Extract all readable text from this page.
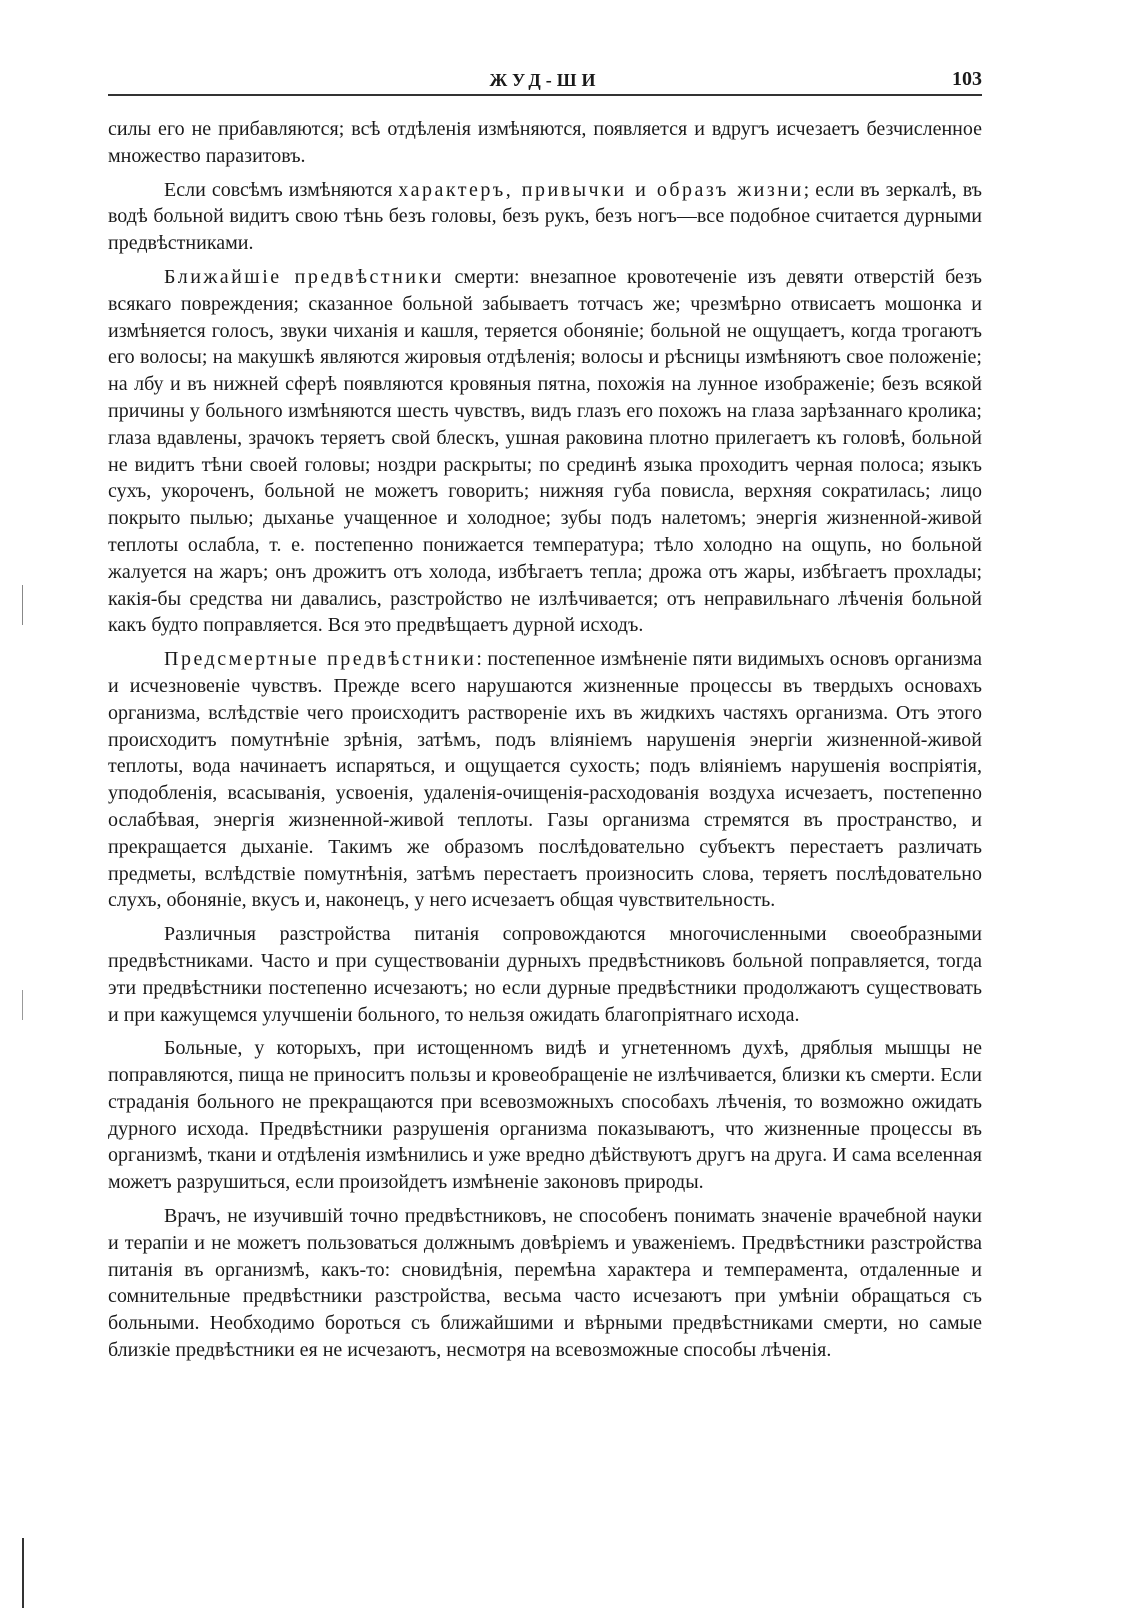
ЖУД-ШИ	103

силы его не прибавляются; всѣ отдѣленія измѣняются, появляется и вдругъ исчезаетъ безчисленное множество паразитовъ.

Если совсѣмъ измѣняются характеръ, привычки и образъ жизни; если въ зеркалѣ, въ водѣ больной видитъ свою тѣнь безъ головы, безъ рукъ, безъ ногъ—все подобное считается дурными предвѣстниками.

Ближайшіе предвѣстники смерти: внезапное кровотеченіе изъ девяти отверстій безъ всякаго повреждения; сказанное больной забываетъ тотчасъ же; чрезмѣрно отвисаетъ мошонка и измѣняется голосъ, звуки чиханія и кашля, теряется обоняніе; больной не ощущаетъ, когда трогаютъ его волосы; на макушкѣ являются жировыя отдѣленія; волосы и рѣсницы измѣняютъ свое положеніе; на лбу и въ нижней сферѣ появляются кровяныя пятна, похожія на лунное изображеніе; безъ всякой причины у больного измѣняются шесть чувствъ, видъ глазъ его похожъ на глаза зарѣзаннаго кролика; глаза вдавлены, зрачокъ теряетъ свой блескъ, ушная раковина плотно прилегаетъ къ головѣ, больной не видитъ тѣни своей головы; ноздри раскрыты; по срединѣ языка проходитъ черная полоса; языкъ сухъ, укороченъ, больной не можетъ говорить; нижняя губа повисла, верхняя сократилась; лицо покрыто пылью; дыханье учащенное и холодное; зубы подъ налетомъ; энергія жизненной-живой теплоты ослабла, т. е. постепенно понижается температура; тѣло холодно на ощупь, но больной жалуется на жаръ; онъ дрожитъ отъ холода, избѣгаетъ тепла; дрожа отъ жары, избѣгаетъ прохлады; какія-бы средства ни давались, разстройство не излѣчивается; отъ неправильнаго лѣченія больной какъ будто поправляется. Вся это предвѣщаетъ дурной исходъ.

Предсмертные предвѣстники: постепенное измѣненіе пяти видимыхъ основъ организма и исчезновеніе чувствъ. Прежде всего нарушаются жизненные процессы въ твердыхъ основахъ организма, вслѣдствіе чего происходитъ раствореніе ихъ въ жидкихъ частяхъ организма. Отъ этого происходитъ помутнѣніе зрѣнія, затѣмъ, подъ вліяніемъ нарушенія энергіи жизненной-живой теплоты, вода начинаетъ испаряться, и ощущается сухость; подъ вліяніемъ нарушенія воспріятія, уподобленія, всасыванія, усвоенія, удаленія-очищенія-расходованія воздуха исчезаетъ, постепенно ослабѣвая, энергія жизненной-живой теплоты. Газы организма стремятся въ пространство, и прекращается дыханіе. Такимъ же образомъ послѣдовательно субъектъ перестаетъ различать предметы, вслѣдствіе помутнѣнія, затѣмъ перестаетъ произносить слова, теряетъ послѣдовательно слухъ, обоняніе, вкусъ и, наконецъ, у него исчезаетъ общая чувствительность.

Различныя разстройства питанія сопровождаются многочисленными своеобразными предвѣстниками. Часто и при существованіи дурныхъ предвѣстниковъ больной поправляется, тогда эти предвѣстники постепенно исчезаютъ; но если дурные предвѣстники продолжаютъ существовать и при кажущемся улучшеніи больного, то нельзя ожидать благопріятнаго исхода.

Больные, у которыхъ, при истощенномъ видѣ и угнетенномъ духѣ, дряблыя мышцы не поправляются, пища не приноситъ пользы и кровеобращеніе не излѣчивается, близки къ смерти. Если страданія больного не прекращаются при всевозможныхъ способахъ лѣченія, то возможно ожидать дурного исхода. Предвѣстники разрушенія организма показываютъ, что жизненные процессы въ организмѣ, ткани и отдѣленія измѣнились и уже вредно дѣйствуютъ другъ на друга. И сама вселенная можетъ разрушиться, если произойдетъ измѣненіе законовъ природы.

Врачъ, не изучившій точно предвѣстниковъ, не способенъ понимать значеніе врачебной науки и терапіи и не можетъ пользоваться должнымъ довѣріемъ и уваженіемъ. Предвѣстники разстройства питанія въ организмѣ, какъ-то: сновидѣнія, перемѣна характера и темперамента, отдаленные и сомнительные предвѣстники разстройства, весьма часто исчезаютъ при умѣніи обращаться съ больными. Необходимо бороться съ ближайшими и вѣрными предвѣстниками смерти, но самые близкіе предвѣстники ея не исчезаютъ, несмотря на всевозможные способы лѣченія.
